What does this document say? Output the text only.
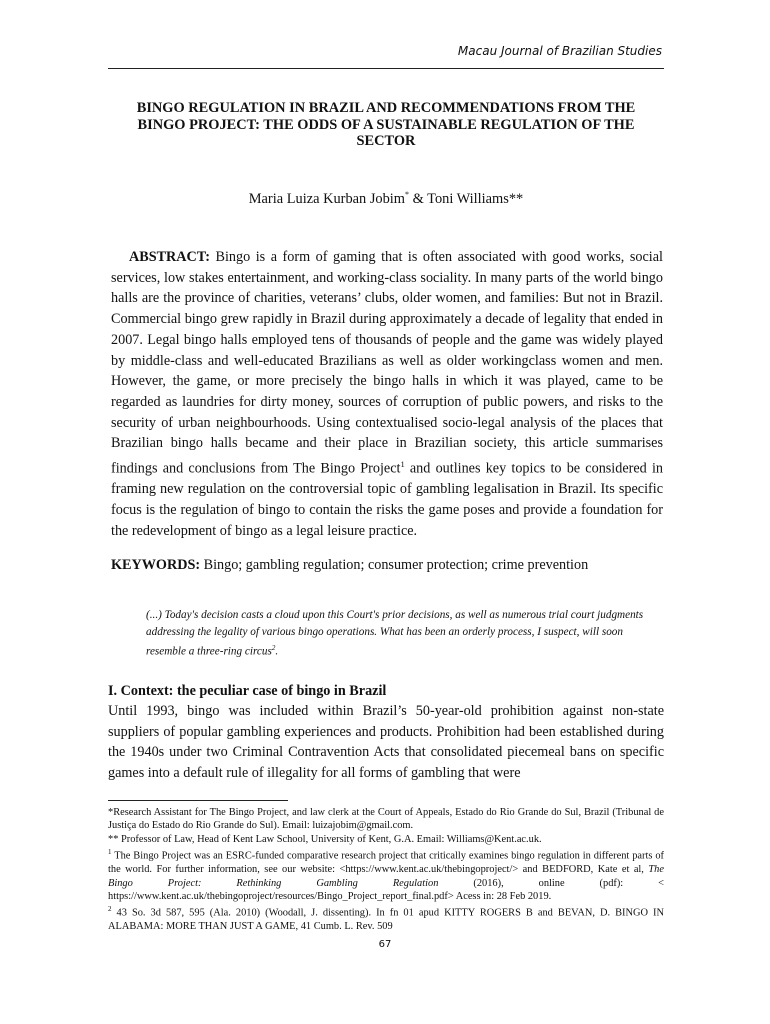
Macau Journal of Brazilian Studies
BINGO REGULATION IN BRAZIL AND RECOMMENDATIONS FROM THE
BINGO PROJECT: THE ODDS OF A SUSTAINABLE REGULATION OF THE
SECTOR
Maria Luiza Kurban Jobim* & Toni Williams**
ABSTRACT: Bingo is a form of gaming that is often associated with good works, social services, low stakes entertainment, and working-class sociality. In many parts of the world bingo halls are the province of charities, veterans’ clubs, older women, and families: But not in Brazil. Commercial bingo grew rapidly in Brazil during approximately a decade of legality that ended in 2007. Legal bingo halls employed tens of thousands of people and the game was widely played by middle-class and well-educated Brazilians as well as older workingclass women and men. However, the game, or more precisely the bingo halls in which it was played, came to be regarded as laundries for dirty money, sources of corruption of public powers, and risks to the security of urban neighbourhoods. Using contextualised socio-legal analysis of the places that Brazilian bingo halls became and their place in Brazilian society, this article summarises findings and conclusions from The Bingo Project$^1$ and outlines key topics to be considered in framing new regulation on the controversial topic of gambling legalisation in Brazil. Its specific focus is the regulation of bingo to contain the risks the game poses and provide a foundation for the redevelopment of bingo as a legal leisure practice.
KEYWORDS: Bingo; gambling regulation; consumer protection; crime prevention
(...) Today's decision casts a cloud upon this Court's prior decisions, as well as numerous trial court judgments addressing the legality of various bingo operations. What has been an orderly process, I suspect, will soon resemble a three-ring circus$^2$.
I. Context: the peculiar case of bingo in Brazil
Until 1993, bingo was included within Brazil’s 50-year-old prohibition against non-state suppliers of popular gambling experiences and products. Prohibition had been established during the 1940s under two Criminal Contravention Acts that consolidated piecemeal bans on specific games into a default rule of illegality for all forms of gambling that were

*Research Assistant for The Bingo Project, and law clerk at the Court of Appeals, Estado do Rio Grande do Sul, Brazil (Tribunal de Justiça do Estado do Rio Grande do Sul). Email: luizajobim@gmail.com.

** Professor of Law, Head of Kent Law School, University of Kent, G.A. Email: Williams@Kent.ac.uk.

$^1$ The Bingo Project was an ESRC-funded comparative research project that critically examines bingo regulation in different parts of the world. For further information, see our website: <https://www.kent.ac.uk/thebingoproject/> and BEDFORD, Kate et al, The Bingo Project: Rethinking Gambling Regulation (2016), online (pdf): < https://www.kent.ac.uk/thebingoproject/resources/Bingo_Project_report_final.pdf> Acess in: 28 Feb 2019.

$^2$ 43 So. 3d 587, 595 (Ala. 2010) (Woodall, J. dissenting). In fn 01 apud KITTY ROGERS B and BEVAN, D. BINGO IN ALABAMA: MORE THAN JUST A GAME, 41 Cumb. L. Rev. 509

67
